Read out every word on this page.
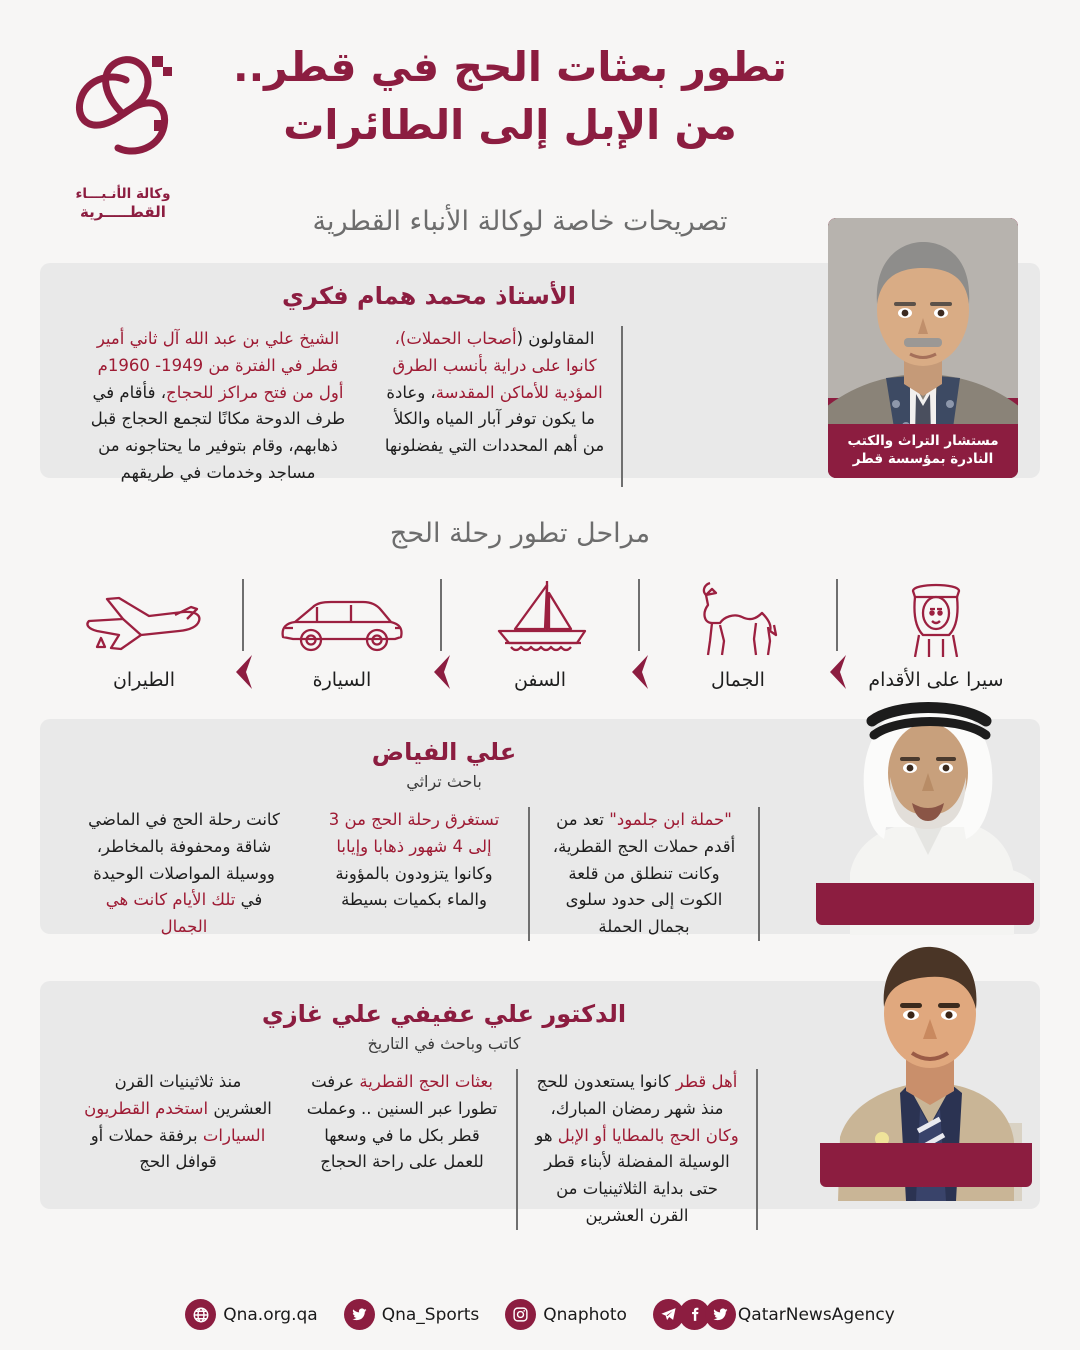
تطور بعثات الحج في قطر..
من الإبل إلى الطائرات
وكالة الأنـبـــاء
القطـــــرية	تصريحات خاصة لوكالة الأنباء القطرية
الأستاذ محمد همام فكري
الشيخ علي بن عبد الله آل ثاني أمير قطر في الفترة من 1949- 1960م أول من فتح مراكز للحجاج، فأقام في طرف الدوحة مكانًا لتجمع الحجاج قبل ذهابهم، وقام بتوفير ما يحتاجونه من مساجد وخدمات في طريقهم
المقاولون (أصحاب الحملات)، كانوا على دراية بأنسب الطرق المؤدية للأماكن المقدسة، وعادة ما يكون توفر آبار المياه والكلأ من أهم المحددات التي يفضلونها	مستشار التراث والكتب النادرة بمؤسسة قطر
مراحل تطور رحلة الحج
الطيران	السيارة	السفن	الجمال	سيرا على الأقدام
علي الفياض
باحث تراثي
كانت رحلة الحج في الماضي شاقة ومحفوفة بالمخاطر، ووسيلة المواصلات الوحيدة في تلك الأيام كانت هي الجمال
تستغرق رحلة الحج من 3 إلى 4 شهور ذهابا وإيابا وكانوا يتزودون بالمؤونة والماء بكميات بسيطة
"حملة ابن جلمود" تعد من أقدم حملات الحج القطرية، وكانت تنطلق من قلعة الكوت إلى حدود سلوى بجمال الحملة
الدكتور علي عفيفي علي غازي
كاتب وباحث في التاريخ
منذ ثلاثينيات القرن العشرين استخدم القطريون السيارات برفقة حملات أو قوافل الحج
بعثات الحج القطرية عرفت تطورا عبر السنين .. وعملت قطر بكل ما في وسعها للعمل على راحة الحجاج
أهل قطر كانوا يستعدون للحج منذ شهر رمضان المبارك، وكان الحج بالمطايا أو الإبل هو الوسيلة المفضلة لأبناء قطر حتى بداية الثلاثينيات من القرن العشرين
QatarNewsAgency
Qnaphoto
Qna_Sports
Qna.org.qa
